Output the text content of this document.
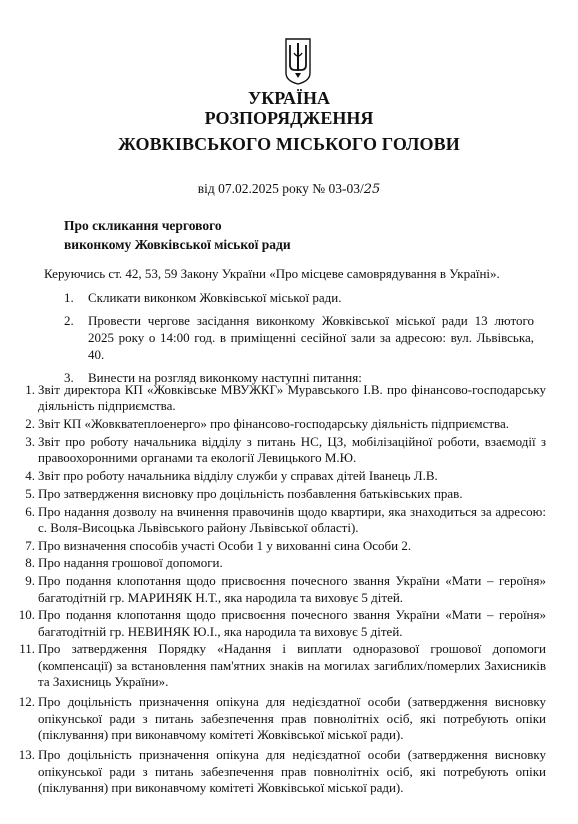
УКРАЇНА
РОЗПОРЯДЖЕННЯ
ЖОВКІВСЬКОГО МІСЬКОГО ГОЛОВИ
від 07.02.2025 року № 03-03/25
Про скликання чергового
виконкому Жовківської міської ради
Керуючись ст. 42, 53, 59 Закону України «Про місцеве самоврядування в Україні».
1.	Скликати виконком Жовківської міської ради.
2.	Провести чергове засідання виконкому Жовківської міської ради 13 лютого 2025 року о 14:00 год. в приміщенні сесійної зали за адресою: вул. Львівська, 40.
3.	Винести на розгляд виконкому наступні питання:
1. Звіт директора КП «Жовківське МВУЖКГ» Муравського І.В. про фінансово-господарську діяльність підприємства.
2. Звіт КП «Жовкватеплоенерго» про фінансово-господарську діяльність підприємства.
3. Звіт про роботу начальника відділу з питань НС, ЦЗ, мобілізаційної роботи, взаємодії з правоохоронними органами та екології Левицького М.Ю.
4. Звіт про роботу начальника відділу служби у справах дітей Іванець Л.В.
5. Про затвердження висновку про доцільність позбавлення батьківських прав.
6. Про надання дозволу на вчинення правочинів щодо квартири, яка знаходиться за адресою: с. Воля-Висоцька Львівського району Львівської області).
7. Про визначення способів участі Особи 1 у вихованні сина Особи 2.
8. Про надання грошової допомоги.
9. Про подання клопотання щодо присвоєння почесного звання України «Мати – героїня» багатодітній гр. МАРИНЯК Н.Т., яка народила та виховує 5 дітей.
10. Про подання клопотання щодо присвоєння почесного звання України «Мати – героїня» багатодітній гр. НЕВИНЯК Ю.І., яка народила та виховує 5 дітей.
11. Про затвердження Порядку «Надання і виплати одноразової грошової допомоги (компенсації) за встановлення пам'ятних знаків на могилах загиблих/померлих Захисників та Захисниць України».
12. Про доцільність призначення опікуна для недієздатної особи (затвердження висновку опікунської ради з питань забезпечення прав повнолітніх осіб, які потребують опіки (піклування) при виконавчому комітеті Жовківської міської ради).
13. Про доцільність призначення опікуна для недієздатної особи (затвердження висновку опікунської ради з питань забезпечення прав повнолітніх осіб, які потребують опіки (піклування) при виконавчому комітеті Жовківської міської ради).
